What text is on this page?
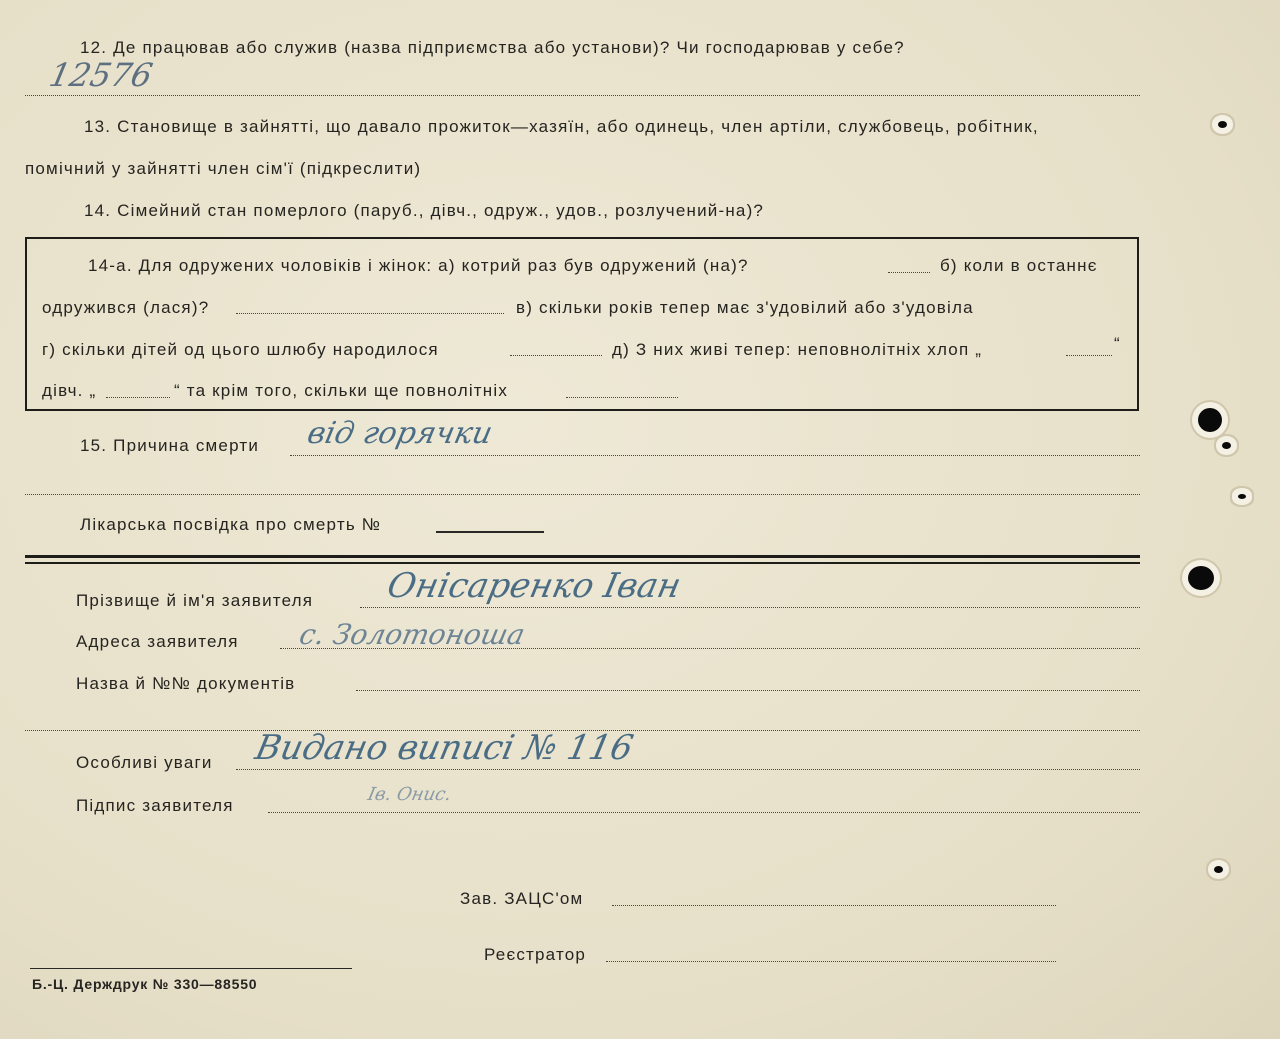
12. Де працював або служив (назва підприємства або установи)? Чи господарював у себе?
12576
13. Становище в зайнятті, що давало прожиток—хазяїн, або одинець, член артіли, службовець, робітник,
помічний у зайнятті член сім'ї (підкреслити)
14. Сімейний стан померлого (паруб., дівч., одруж., удов., розлучений-на)?
14-а. Для одружених чоловіків і жінок: а) котрий раз був одружений (на)?	б) коли в останнє
одружився (лася)?	в) скільки років тепер має з'удовілий або з'удовіла
г) скільки дітей од цього шлюбу народилося	д) З них живі тепер: неповнолітніх хлоп „	“
дівч. „	“ та крім того, скільки ще повнолітніх
15. Причина смерти від горячки
Лікарська посвідка про смерть №
Прізвище й ім'я заявителя Онісаренко Іван
Адреса заявителя с. Золотоноша
Назва й №№ документів
Особливі уваги Видано виписі № 116
Підпис заявителя
Ів. Онис.
Зав. ЗАЦС'ом
Реєстратор
Б.-Ц. Держдрук № 330—88550
